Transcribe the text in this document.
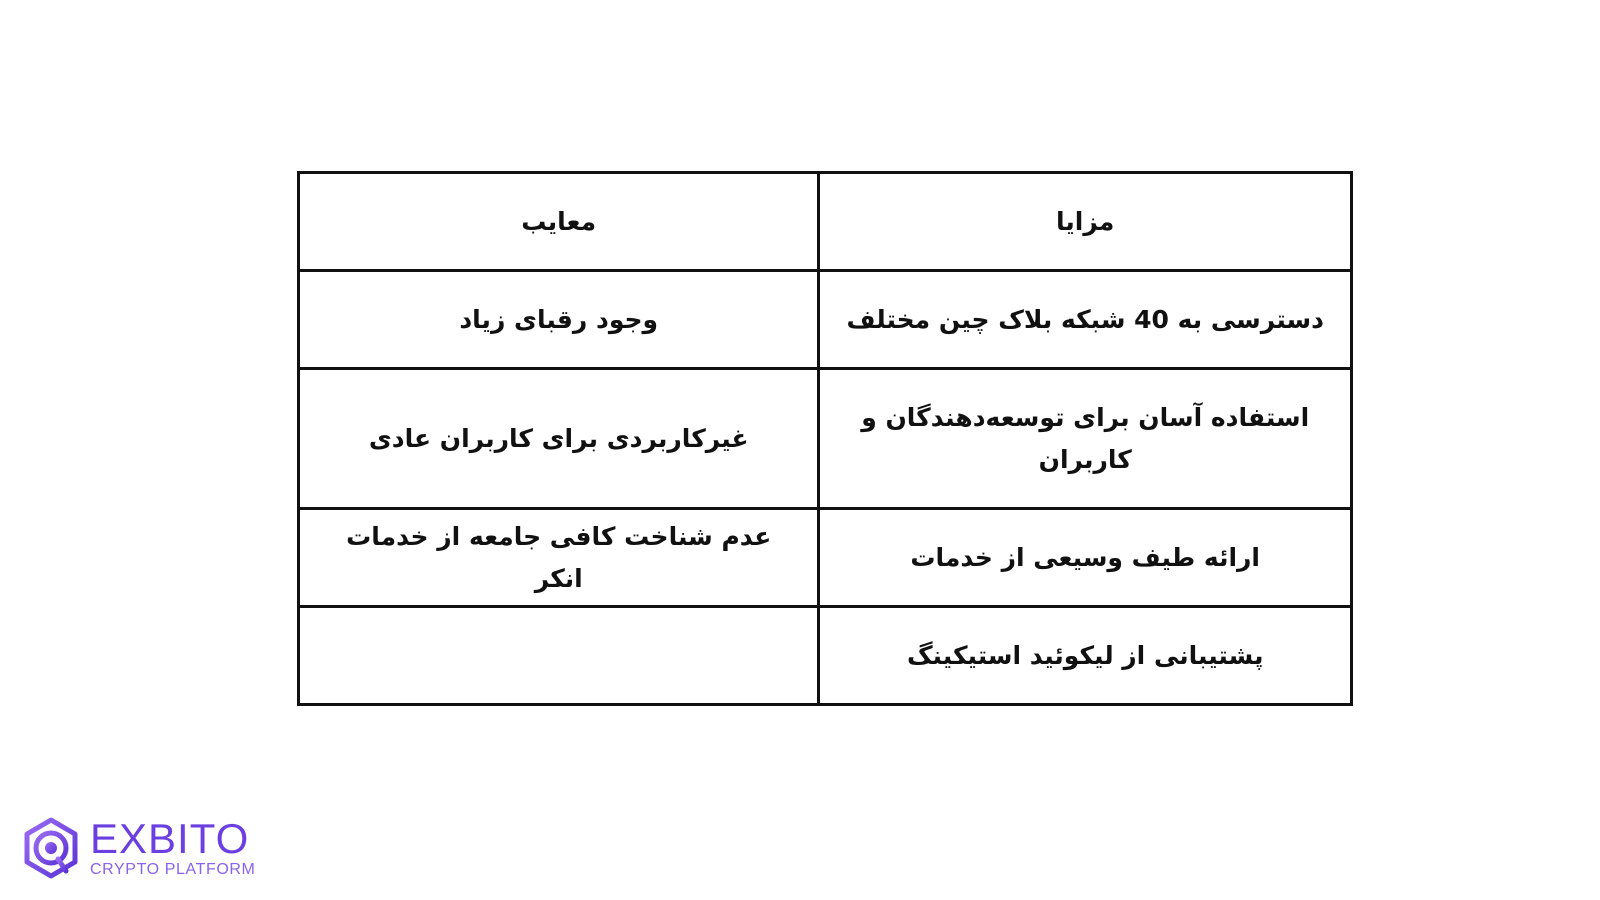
مزایا	معایب
دسترسی به 40 شبکه بلاک چین مختلف	وجود رقبای زیاد
استفاده آسان برای توسعه‌دهندگان و کاربران	غیرکاربردی برای کاربران عادی
ارائه طیف وسیعی از خدمات	عدم شناخت کافی جامعه از خدمات انکر
پشتیبانی از لیکوئید استیکینگ	
EXBITO
CRYPTO PLATFORM
